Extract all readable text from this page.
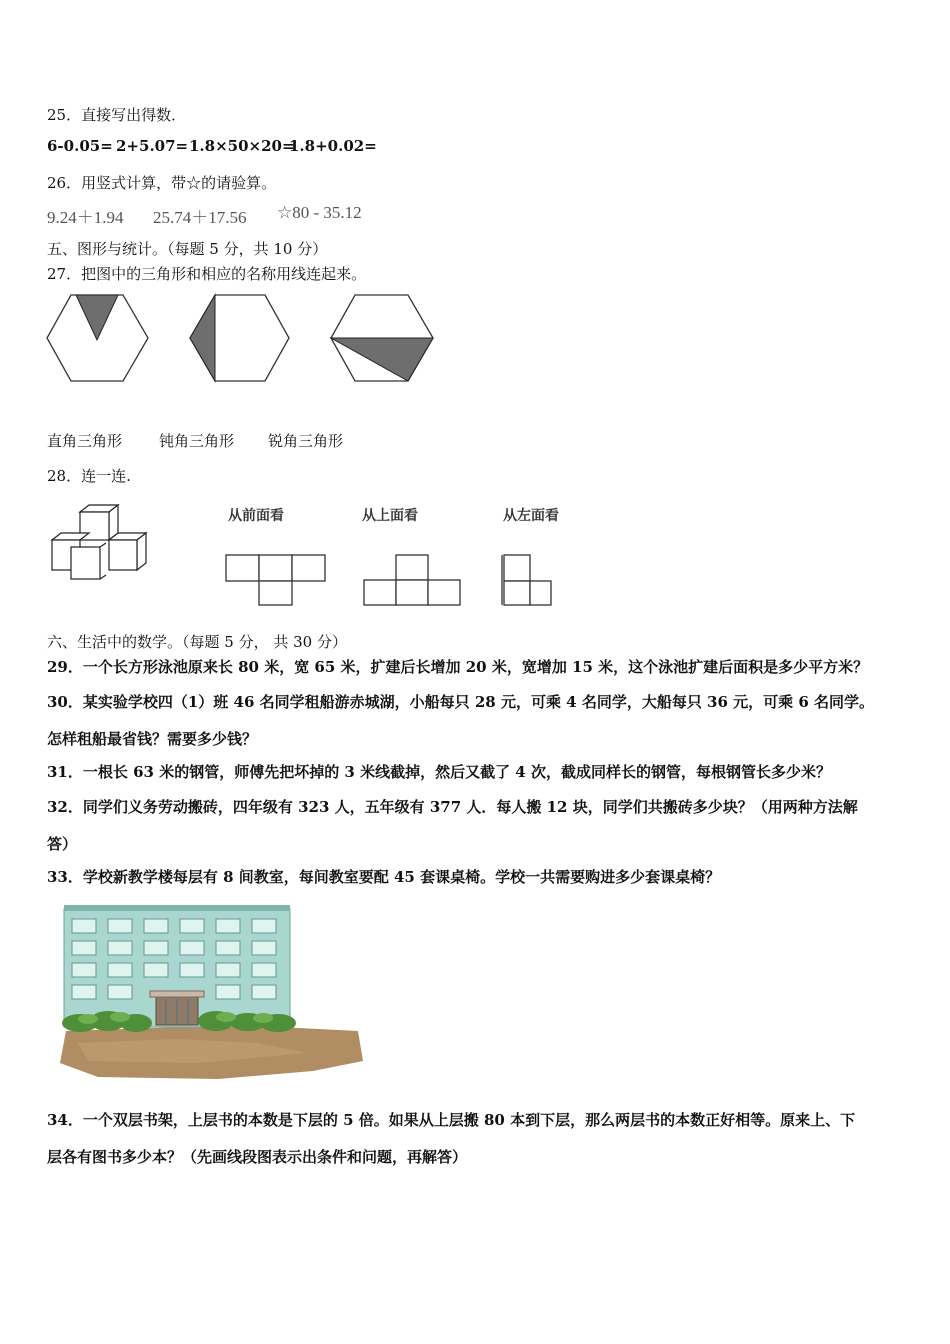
25．直接写出得数．
6-0.05= 2+5.07= 1.8×50×20=
1.8+0.02=
26．用竖式计算，带☆的请验算。
9.24＋1.94 25.74＋17.56 ☆80 - 35.12
五、图形与统计。（每题 5 分，共 10 分）
27．把图中的三角形和相应的名称用线连起来。
直角三角形 钝角三角形 锐角三角形
28．连一连.
从前面看	从上面看	从左面看
六、生活中的数学。（每题 5 分， 共 30 分）
29．一个长方形泳池原来长 80 米，宽 65 米，扩建后长增加 20 米，宽增加 15 米，这个泳池扩建后面积是多少平方米？
30．某实验学校四（1）班 46 名同学租船游赤城湖，小船每只 28 元，可乘 4 名同学，大船每只 36 元，可乘 6 名同学。
怎样租船最省钱？需要多少钱？
31．一根长 63 米的钢管，师傅先把坏掉的 3 米线截掉，然后又截了 4 次，截成同样长的钢管，每根钢管长多少米？
32．同学们义务劳动搬砖，四年级有 323 人，五年级有 377 人．每人搬 12 块，同学们共搬砖多少块？（用两种方法解
答）
33．学校新教学楼每层有 8 间教室，每间教室要配 45 套课桌椅。学校一共需要购进多少套课桌椅？
34．一个双层书架，上层书的本数是下层的 5 倍。如果从上层搬 80 本到下层，那么两层书的本数正好相等。原来上、下
层各有图书多少本？（先画线段图表示出条件和问题，再解答）
